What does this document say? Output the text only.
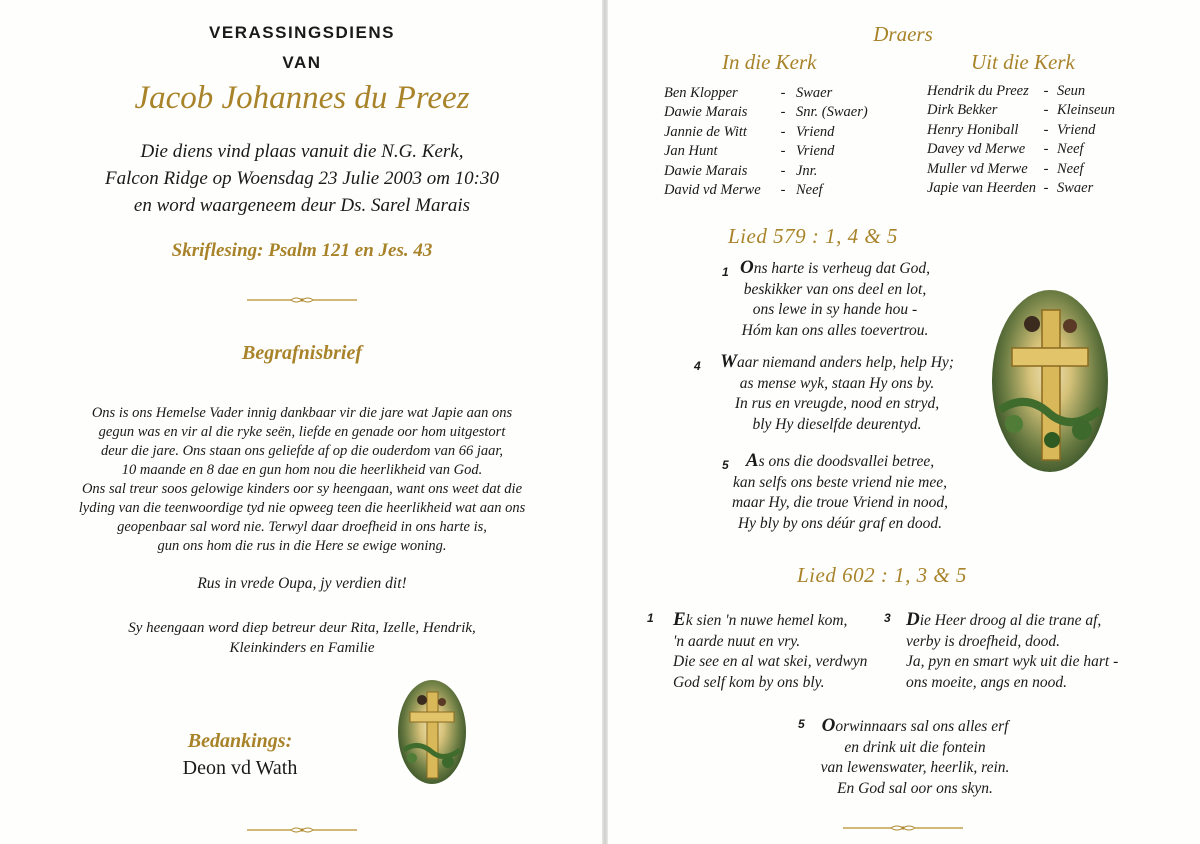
VERASSINGSDIENS
VAN
Jacob Johannes du Preez
Die diens vind plaas vanuit die N.G. Kerk,
Falcon Ridge op Woensdag 23 Julie 2003 om 10:30
en word waargeneem deur Ds. Sarel Marais
Skriflesing: Psalm 121 en Jes. 43
Begrafnisbrief
Ons is ons Hemelse Vader innig dankbaar vir die jare wat Japie aan ons
gegun was en vir al die ryke seën, liefde en genade oor hom uitgestort
deur die jare. Ons staan ons geliefde af op die ouderdom van 66 jaar,
10 maande en 8 dae en gun hom nou die heerlikheid van God.
Ons sal treur soos gelowige kinders oor sy heengaan, want ons weet dat die
lyding van die teenwoordige tyd nie opweeg teen die heerlikheid wat aan ons
geopenbaar sal word nie. Terwyl daar droefheid in ons harte is,
gun ons hom die rus in die Here se ewige woning.
Rus in vrede Oupa, jy verdien dit!
Sy heengaan word diep betreur deur Rita, Izelle, Hendrik,
Kleinkinders en Familie
Bedankings:
Deon vd Wath
Draers
In die Kerk	Uit die Kerk
Ben Klopper	- Swaer
Dawie Marais	- Snr. (Swaer)
Jannie de Witt	- Vriend
Jan Hunt	- Vriend
Dawie Marais	- Jnr.
David vd Merwe	- Neef
Hendrik du Preez	- Seun
Dirk Bekker	- Kleinseun
Henry Honiball	- Vriend
Davey vd Merwe	- Neef
Muller vd Merwe	- Neef
Japie van Heerden - Swaer
Lied 579 : 1, 4 & 5
1 Ons harte is verheug dat God,
beskikker van ons deel en lot,
ons lewe in sy hande hou -
Hóm kan ons alles toevertrou.
4	Waar niemand anders help, help Hy;
as mense wyk, staan Hy ons by.
In rus en vreugde, nood en stryd,
bly Hy dieselfde deurentyd.
5 As ons die doodsvallei betree,
kan selfs ons beste vriend nie mee,
maar Hy, die troue Vriend in nood,
Hy bly by ons déúr graf en dood.
Lied 602 : 1, 3 & 5
1	Ek sien 'n nuwe hemel kom,
'n aarde nuut en vry.
Die see en al wat skei, verdwyn
God self kom by ons bly.
3 Die Heer droog al die trane af,
verby is droefheid, dood.
Ja, pyn en smart wyk uit die hart -
ons moeite, angs en nood.
5 Oorwinnaars sal ons alles erf
en drink uit die fontein
van lewenswater, heerlik, rein.
En God sal oor ons skyn.
